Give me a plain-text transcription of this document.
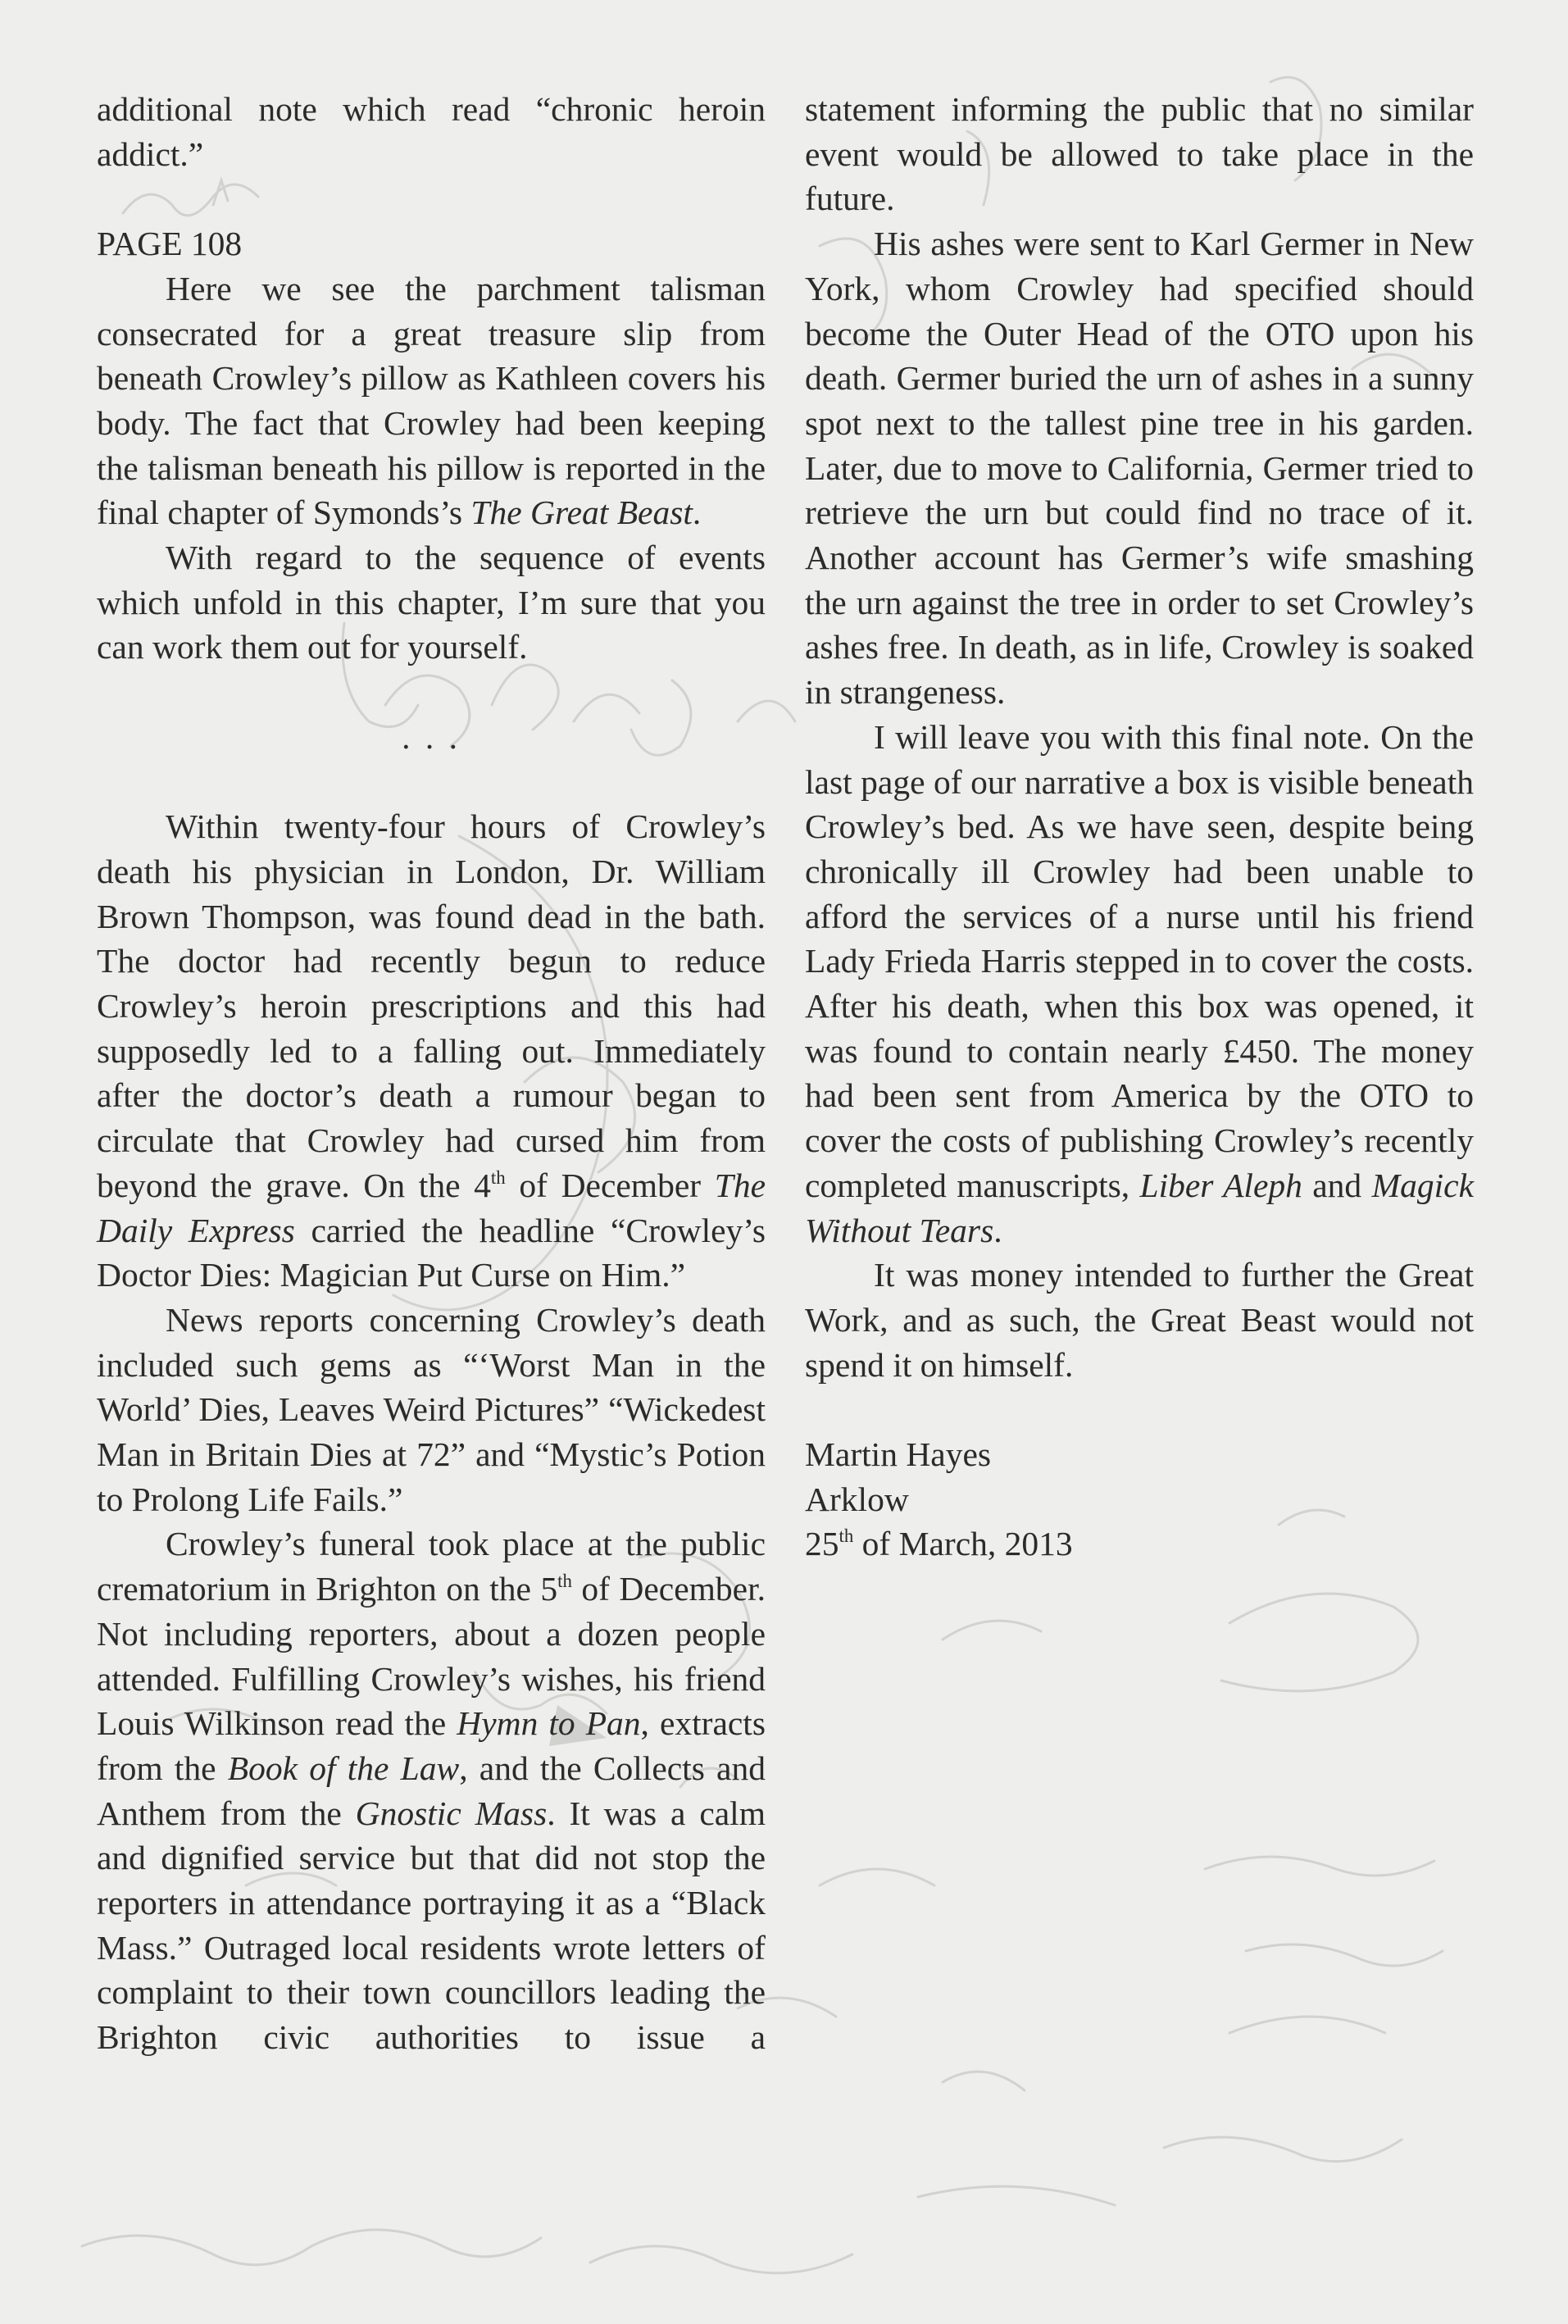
additional note which read “chronic heroin addict.”

PAGE 108

Here we see the parchment talisman consecrated for a great treasure slip from beneath Crowley’s pillow as Kathleen covers his body. The fact that Crowley had been keeping the talisman beneath his pillow is reported in the final chapter of Symonds’s The Great Beast.

With regard to the sequence of events which unfold in this chapter, I’m sure that you can work them out for yourself.

. . .

Within twenty-four hours of Crowley’s death his physician in London, Dr. William Brown Thompson, was found dead in the bath. The doctor had recently begun to reduce Crowley’s heroin prescriptions and this had supposedly led to a falling out. Immediately after the doctor’s death a rumour began to circulate that Crowley had cursed him from beyond the grave. On the 4th of December The Daily Express carried the headline “Crowley’s Doctor Dies: Magician Put Curse on Him.”

News reports concerning Crowley’s death included such gems as “‘Worst Man in the World’ Dies, Leaves Weird Pictures” “Wickedest Man in Britain Dies at 72” and “Mystic’s Potion to Prolong Life Fails.”

Crowley’s funeral took place at the public crematorium in Brighton on the 5th of December. Not including reporters, about a dozen people attended. Fulfilling Crowley’s wishes, his friend Louis Wilkinson read the Hymn to Pan, extracts from the Book of the Law, and the Collects and Anthem from the Gnostic Mass. It was a calm and dignified service but that did not stop the reporters in attendance portraying it as a “Black Mass.” Outraged local residents wrote letters of complaint to their town councillors leading the Brighton civic authorities to issue a

statement informing the public that no similar event would be allowed to take place in the future.

His ashes were sent to Karl Germer in New York, whom Crowley had specified should become the Outer Head of the OTO upon his death. Germer buried the urn of ashes in a sunny spot next to the tallest pine tree in his garden. Later, due to move to California, Germer tried to retrieve the urn but could find no trace of it. Another account has Germer’s wife smashing the urn against the tree in order to set Crowley’s ashes free. In death, as in life, Crowley is soaked in strangeness.

I will leave you with this final note. On the last page of our narrative a box is visible beneath Crowley’s bed. As we have seen, despite being chronically ill Crowley had been unable to afford the services of a nurse until his friend Lady Frieda Harris stepped in to cover the costs. After his death, when this box was opened, it was found to contain nearly £450. The money had been sent from America by the OTO to cover the costs of publishing Crowley’s recently completed manuscripts, Liber Aleph and Magick Without Tears.

It was money intended to further the Great Work, and as such, the Great Beast would not spend it on himself.

Martin Hayes

Arklow

25th of March, 2013
